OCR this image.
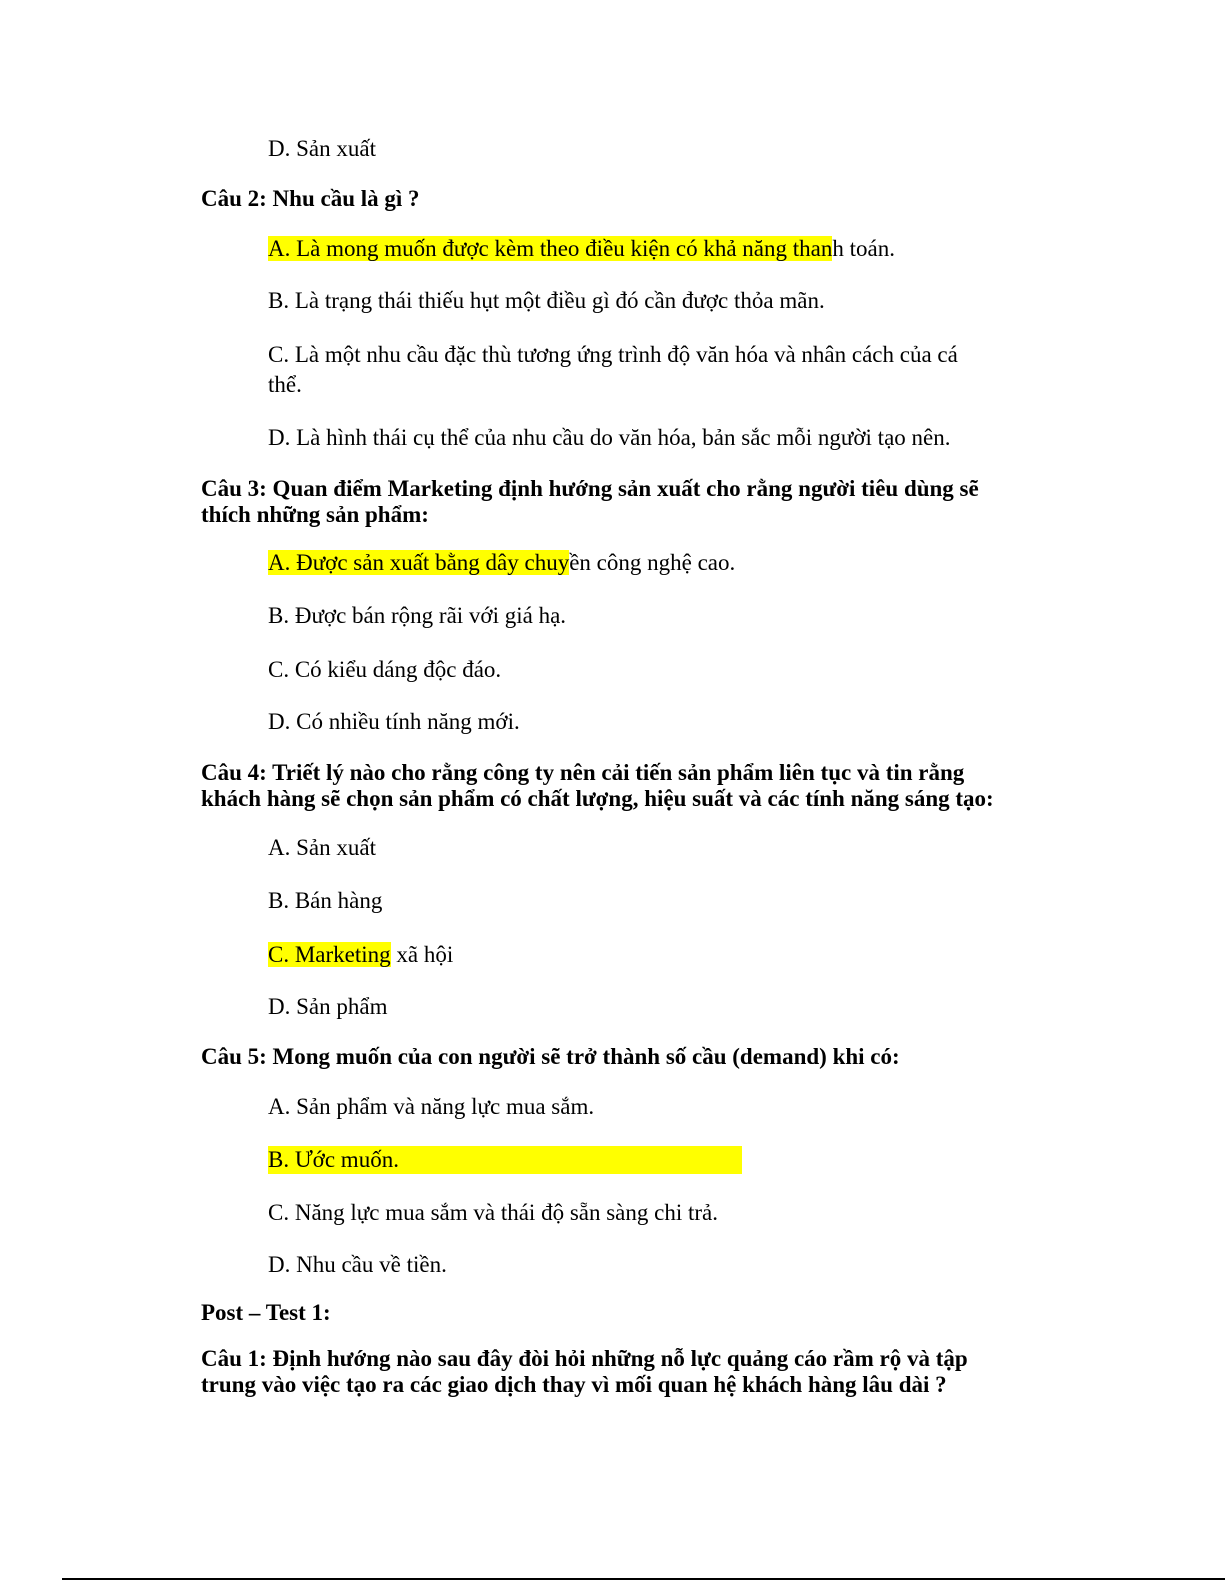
D. Sản xuất
Câu 2: Nhu cầu là gì ?
A. Là mong muốn được kèm theo điều kiện có khả năng thanh toán.
B. Là trạng thái thiếu hụt một điều gì đó cần được thỏa mãn.
C. Là một nhu cầu đặc thù tương ứng trình độ văn hóa và nhân cách của cá
thể.
D. Là hình thái cụ thể của nhu cầu do văn hóa, bản sắc mỗi người tạo nên.
Câu 3: Quan điểm Marketing định hướng sản xuất cho rằng người tiêu dùng sẽ
thích những sản phẩm:
A. Được sản xuất bằng dây chuyền công nghệ cao.
B. Được bán rộng rãi với giá hạ.
C. Có kiểu dáng độc đáo.
D. Có nhiều tính năng mới.
Câu 4: Triết lý nào cho rằng công ty nên cải tiến sản phẩm liên tục và tin rằng
khách hàng sẽ chọn sản phẩm có chất lượng, hiệu suất và các tính năng sáng tạo:
A. Sản xuất
B. Bán hàng
C. Marketing xã hội
D. Sản phẩm
Câu 5: Mong muốn của con người sẽ trở thành số cầu (demand) khi có:
A. Sản phẩm và năng lực mua sắm.
B. Ước muốn.
C. Năng lực mua sắm và thái độ sẵn sàng chi trả.
D. Nhu cầu về tiền.
Post – Test 1:
Câu 1: Định hướng nào sau đây đòi hỏi những nỗ lực quảng cáo rầm rộ và tập
trung vào việc tạo ra các giao dịch thay vì mối quan hệ khách hàng lâu dài ?
